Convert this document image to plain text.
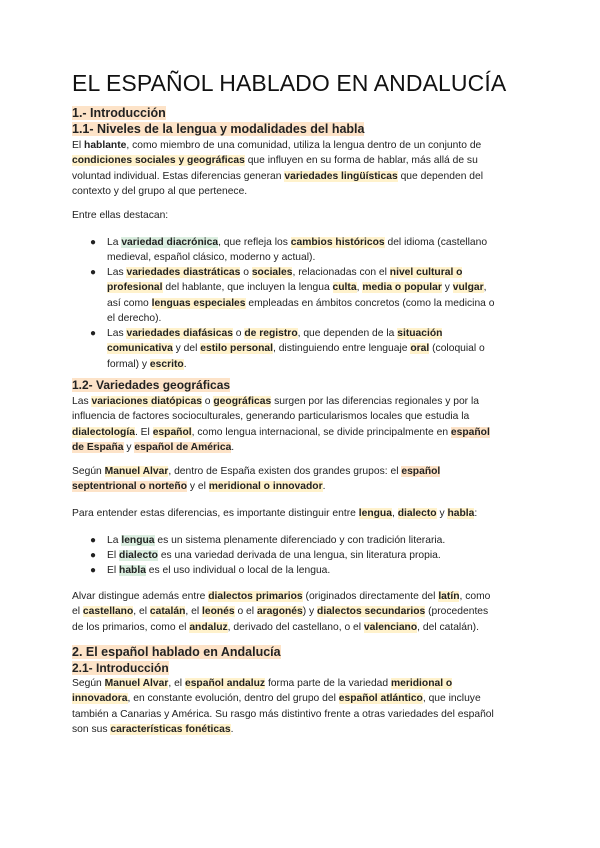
EL ESPAÑOL HABLADO EN ANDALUCÍA
1.- Introducción
1.1- Niveles de la lengua y modalidades del habla
El hablante, como miembro de una comunidad, utiliza la lengua dentro de un conjunto de
condiciones sociales y geográficas que influyen en su forma de hablar, más allá de su
voluntad individual. Estas diferencias generan variedades lingüísticas que dependen del
contexto y del grupo al que pertenece.
Entre ellas destacan:
● La variedad diacrónica, que refleja los cambios históricos del idioma (castellano
medieval, español clásico, moderno y actual).
● Las variedades diastráticas o sociales, relacionadas con el nivel cultural o
profesional del hablante, que incluyen la lengua culta, media o popular y vulgar,
así como lenguas especiales empleadas en ámbitos concretos (como la medicina o
el derecho).
● Las variedades diafásicas o de registro, que dependen de la situación
comunicativa y del estilo personal, distinguiendo entre lenguaje oral (coloquial o
formal) y escrito.
1.2- Variedades geográficas
Las variaciones diatópicas o geográficas surgen por las diferencias regionales y por la
influencia de factores socioculturales, generando particularismos locales que estudia la
dialectología. El español, como lengua internacional, se divide principalmente en español
de España y español de América.
Según Manuel Alvar, dentro de España existen dos grandes grupos: el español
septentrional o norteño y el meridional o innovador.
Para entender estas diferencias, es importante distinguir entre lengua, dialecto y habla:
● La lengua es un sistema plenamente diferenciado y con tradición literaria.
● El dialecto es una variedad derivada de una lengua, sin literatura propia.
● El habla es el uso individual o local de la lengua.
Alvar distingue además entre dialectos primarios (originados directamente del latín, como
el castellano, el catalán, el leonés o el aragonés) y dialectos secundarios (procedentes
de los primarios, como el andaluz, derivado del castellano, o el valenciano, del catalán).
2. El español hablado en Andalucía
2.1- Introducción
Según Manuel Alvar, el español andaluz forma parte de la variedad meridional o
innovadora, en constante evolución, dentro del grupo del español atlántico, que incluye
también a Canarias y América. Su rasgo más distintivo frente a otras variedades del español
son sus características fonéticas.
